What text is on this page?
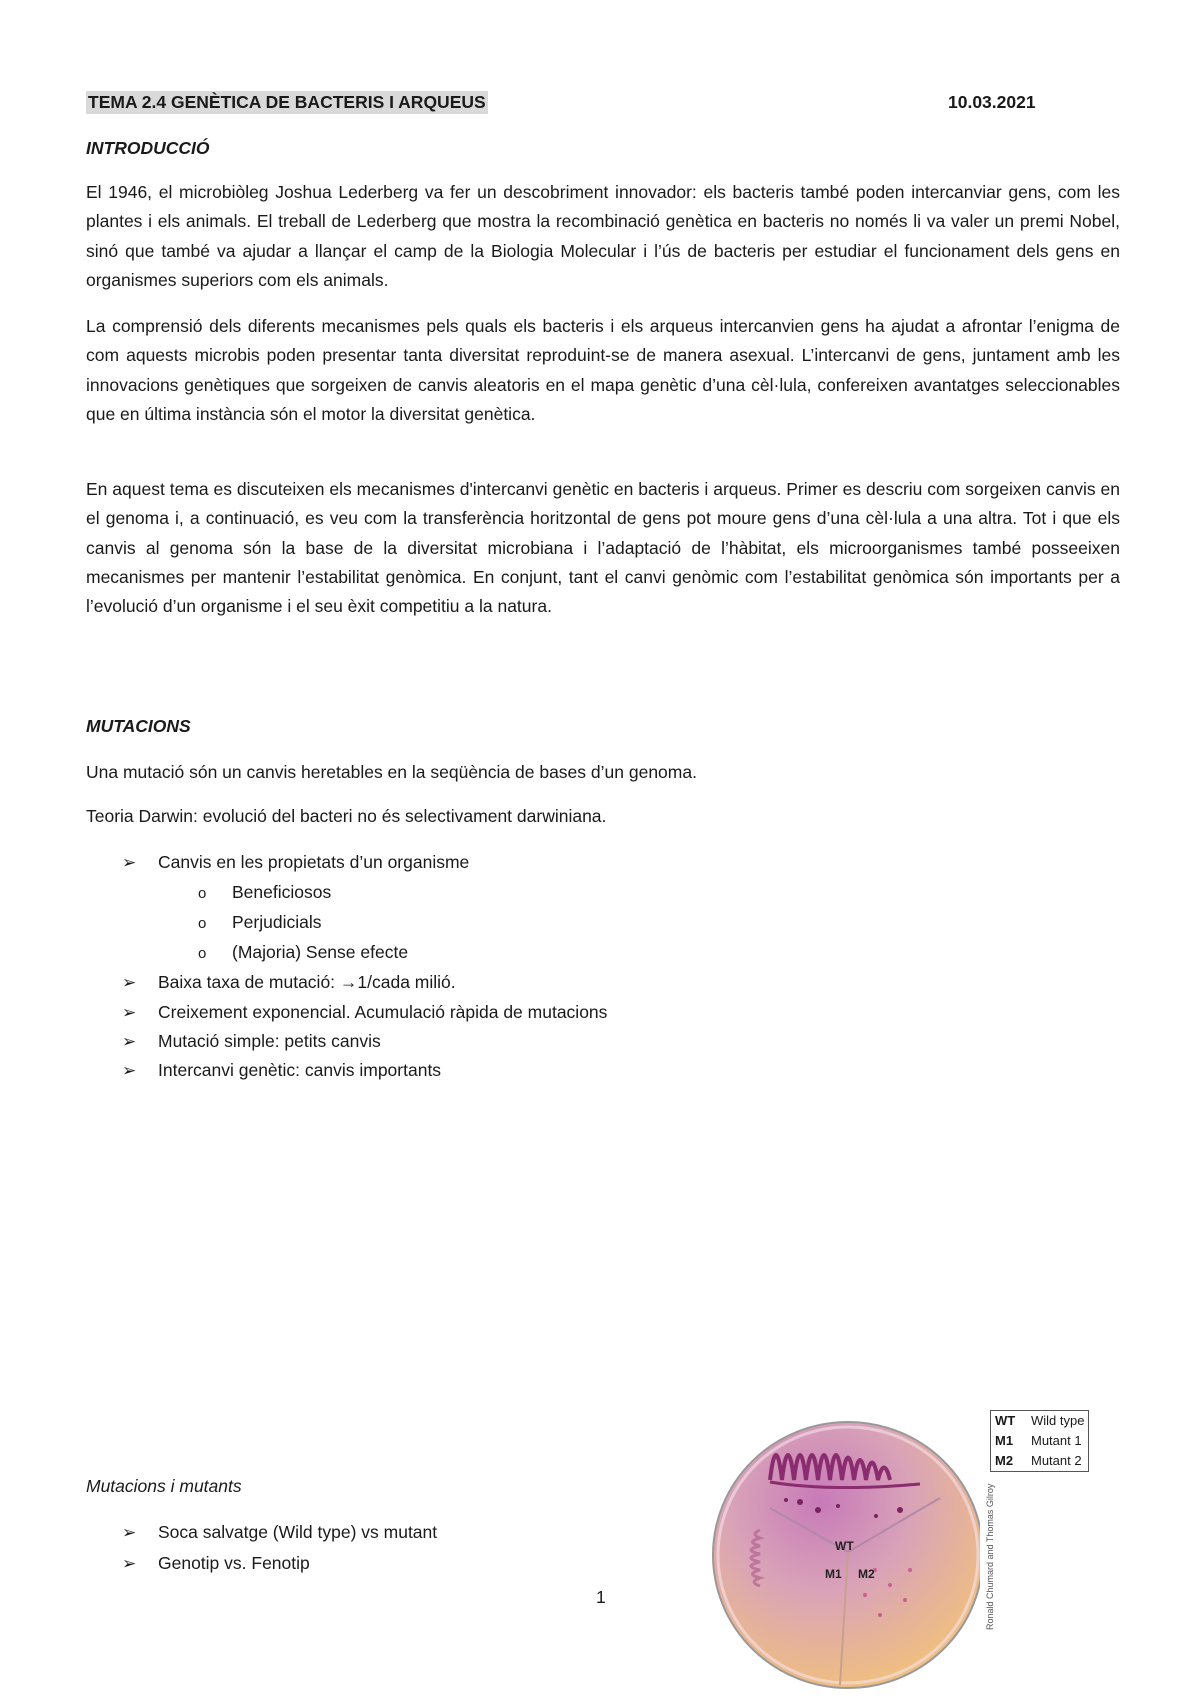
TEMA 2.4 GENÈTICA DE BACTERIS I ARQUEUS	10.03.2021
INTRODUCCIÓ
El 1946, el microbiòleg Joshua Lederberg va fer un descobriment innovador: els bacteris també poden intercanviar gens, com les plantes i els animals. El treball de Lederberg que mostra la recombinació genètica en bacteris no només li va valer un premi Nobel, sinó que també va ajudar a llançar el camp de la Biologia Molecular i l’ús de bacteris per estudiar el funcionament dels gens en organismes superiors com els animals.
La comprensió dels diferents mecanismes pels quals els bacteris i els arqueus intercanvien gens ha ajudat a afrontar l’enigma de com aquests microbis poden presentar tanta diversitat reproduint-se de manera asexual. L’intercanvi de gens, juntament amb les innovacions genètiques que sorgeixen de canvis aleatoris en el mapa genètic d’una cèl·lula, confereixen avantatges seleccionables que en última instància són el motor la diversitat genètica.
En aquest tema es discuteixen els mecanismes d'intercanvi genètic en bacteris i arqueus. Primer es descriu com sorgeixen canvis en el genoma i, a continuació, es veu com la transferència horitzontal de gens pot moure gens d’una cèl·lula a una altra. Tot i que els canvis al genoma són la base de la diversitat microbiana i l’adaptació de l’hàbitat, els microorganismes també posseeixen mecanismes per mantenir l’estabilitat genòmica. En conjunt, tant el canvi genòmic com l’estabilitat genòmica són importants per a l’evolució d’un organisme i el seu èxit competitiu a la natura.
MUTACIONS
Una mutació són un canvis heretables en la seqüència de bases d’un genoma.
Teoria Darwin: evolució del bacteri no és selectivament darwiniana.
➢ Canvis en les propietats d’un organisme
o Beneficiosos
o Perjudicials
o (Majoria) Sense efecte
➢ Baixa taxa de mutació: →1/cada milió.
➢ Creixement exponencial. Acumulació ràpida de mutacions
➢ Mutació simple: petits canvis
➢ Intercanvi genètic: canvis importants
Mutacions i mutants
➢ Soca salvatge (Wild type) vs mutant
➢ Genotip vs. Fenotip
WT
M1 M2
WT	Wild type
M1	Mutant 1
M2	Mutant 2
Ronald Chumard and Thomas Gilroy
1
